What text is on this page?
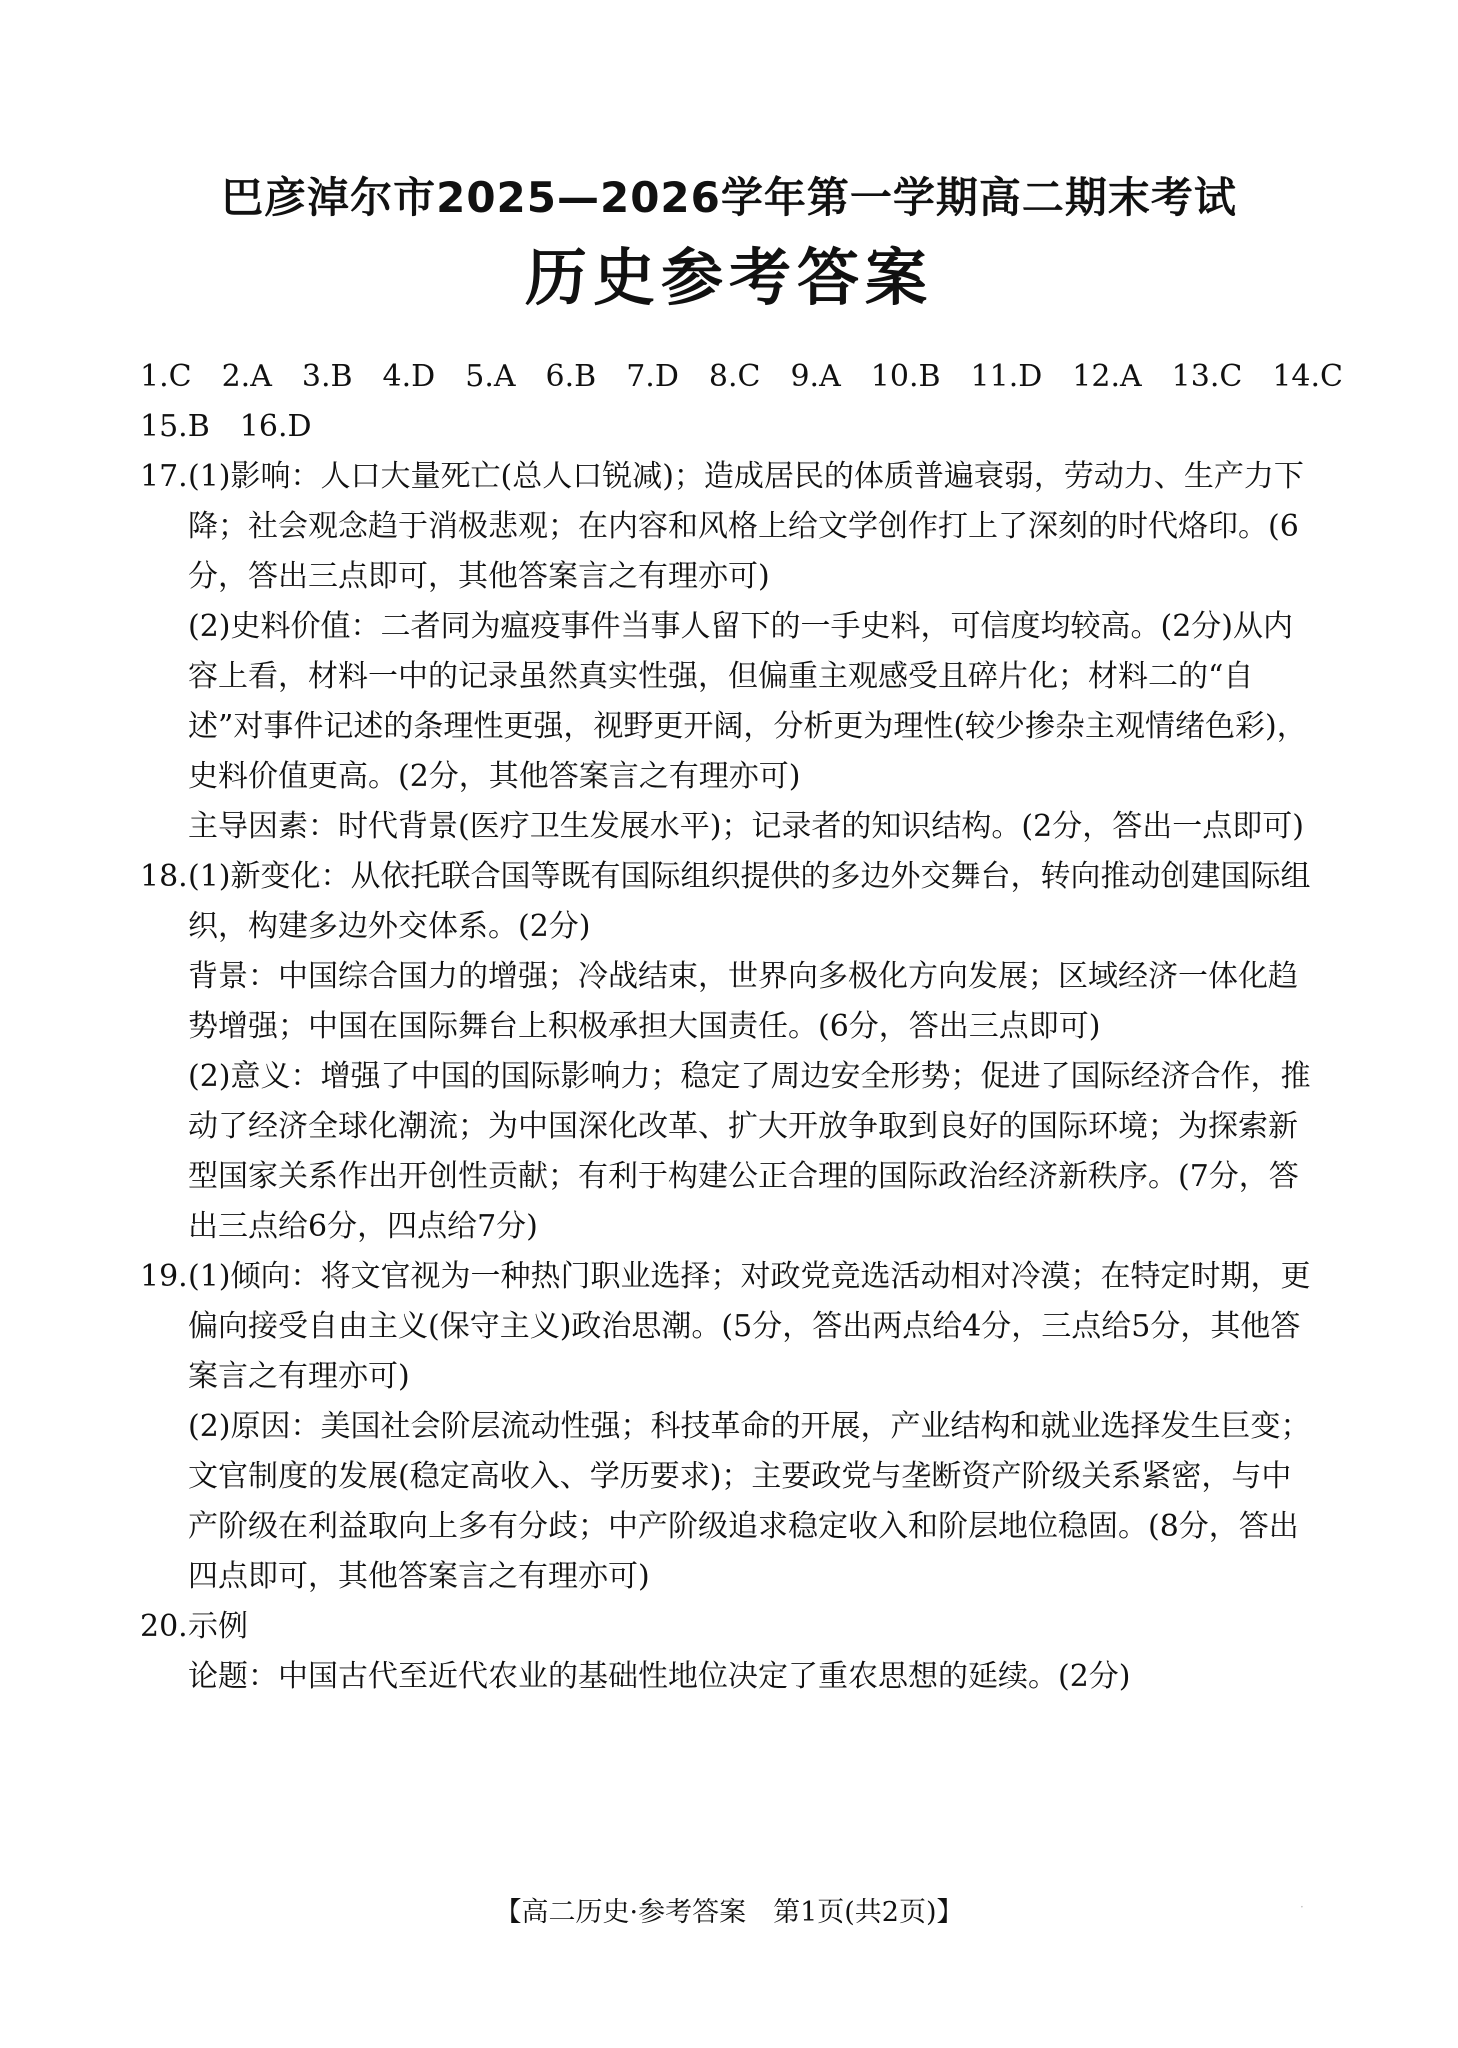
巴彦淖尔市2025—2026学年第一学期高二期末考试
历史参考答案
1.C 2.A 3.B 4.D 5.A 6.B 7.D 8.C 9.A 10.B 11.D 12.A 13.C 14.C
15.B 16.D
17. (1)影响：人口大量死亡(总人口锐减)；造成居民的体质普遍衰弱，劳动力、生产力下降；社会观念趋于消极悲观；在内容和风格上给文学创作打上了深刻的时代烙印。(6分，答出三点即可，其他答案言之有理亦可)
(2)史料价值：二者同为瘟疫事件当事人留下的一手史料，可信度均较高。(2分)从内容上看，材料一中的记录虽然真实性强，但偏重主观感受且碎片化；材料二的“自述”对事件记述的条理性更强，视野更开阔，分析更为理性(较少掺杂主观情绪色彩)，史料价值更高。(2分，其他答案言之有理亦可)
主导因素：时代背景(医疗卫生发展水平)；记录者的知识结构。(2分，答出一点即可)
18. (1)新变化：从依托联合国等既有国际组织提供的多边外交舞台，转向推动创建国际组织，构建多边外交体系。(2分)
背景：中国综合国力的增强；冷战结束，世界向多极化方向发展；区域经济一体化趋势增强；中国在国际舞台上积极承担大国责任。(6分，答出三点即可)
(2)意义：增强了中国的国际影响力；稳定了周边安全形势；促进了国际经济合作，推动了经济全球化潮流；为中国深化改革、扩大开放争取到良好的国际环境；为探索新型国家关系作出开创性贡献；有利于构建公正合理的国际政治经济新秩序。(7分，答出三点给6分，四点给7分)
19. (1)倾向：将文官视为一种热门职业选择；对政党竞选活动相对冷漠；在特定时期，更偏向接受自由主义(保守主义)政治思潮。(5分，答出两点给4分，三点给5分，其他答案言之有理亦可)
(2)原因：美国社会阶层流动性强；科技革命的开展，产业结构和就业选择发生巨变；文官制度的发展(稳定高收入、学历要求)；主要政党与垄断资产阶级关系紧密，与中产阶级在利益取向上多有分歧；中产阶级追求稳定收入和阶层地位稳固。(8分，答出四点即可，其他答案言之有理亦可)
20. 示例
论题：中国古代至近代农业的基础性地位决定了重农思想的延续。(2分)
【高二历史·参考答案　第1页(共2页)】	·
